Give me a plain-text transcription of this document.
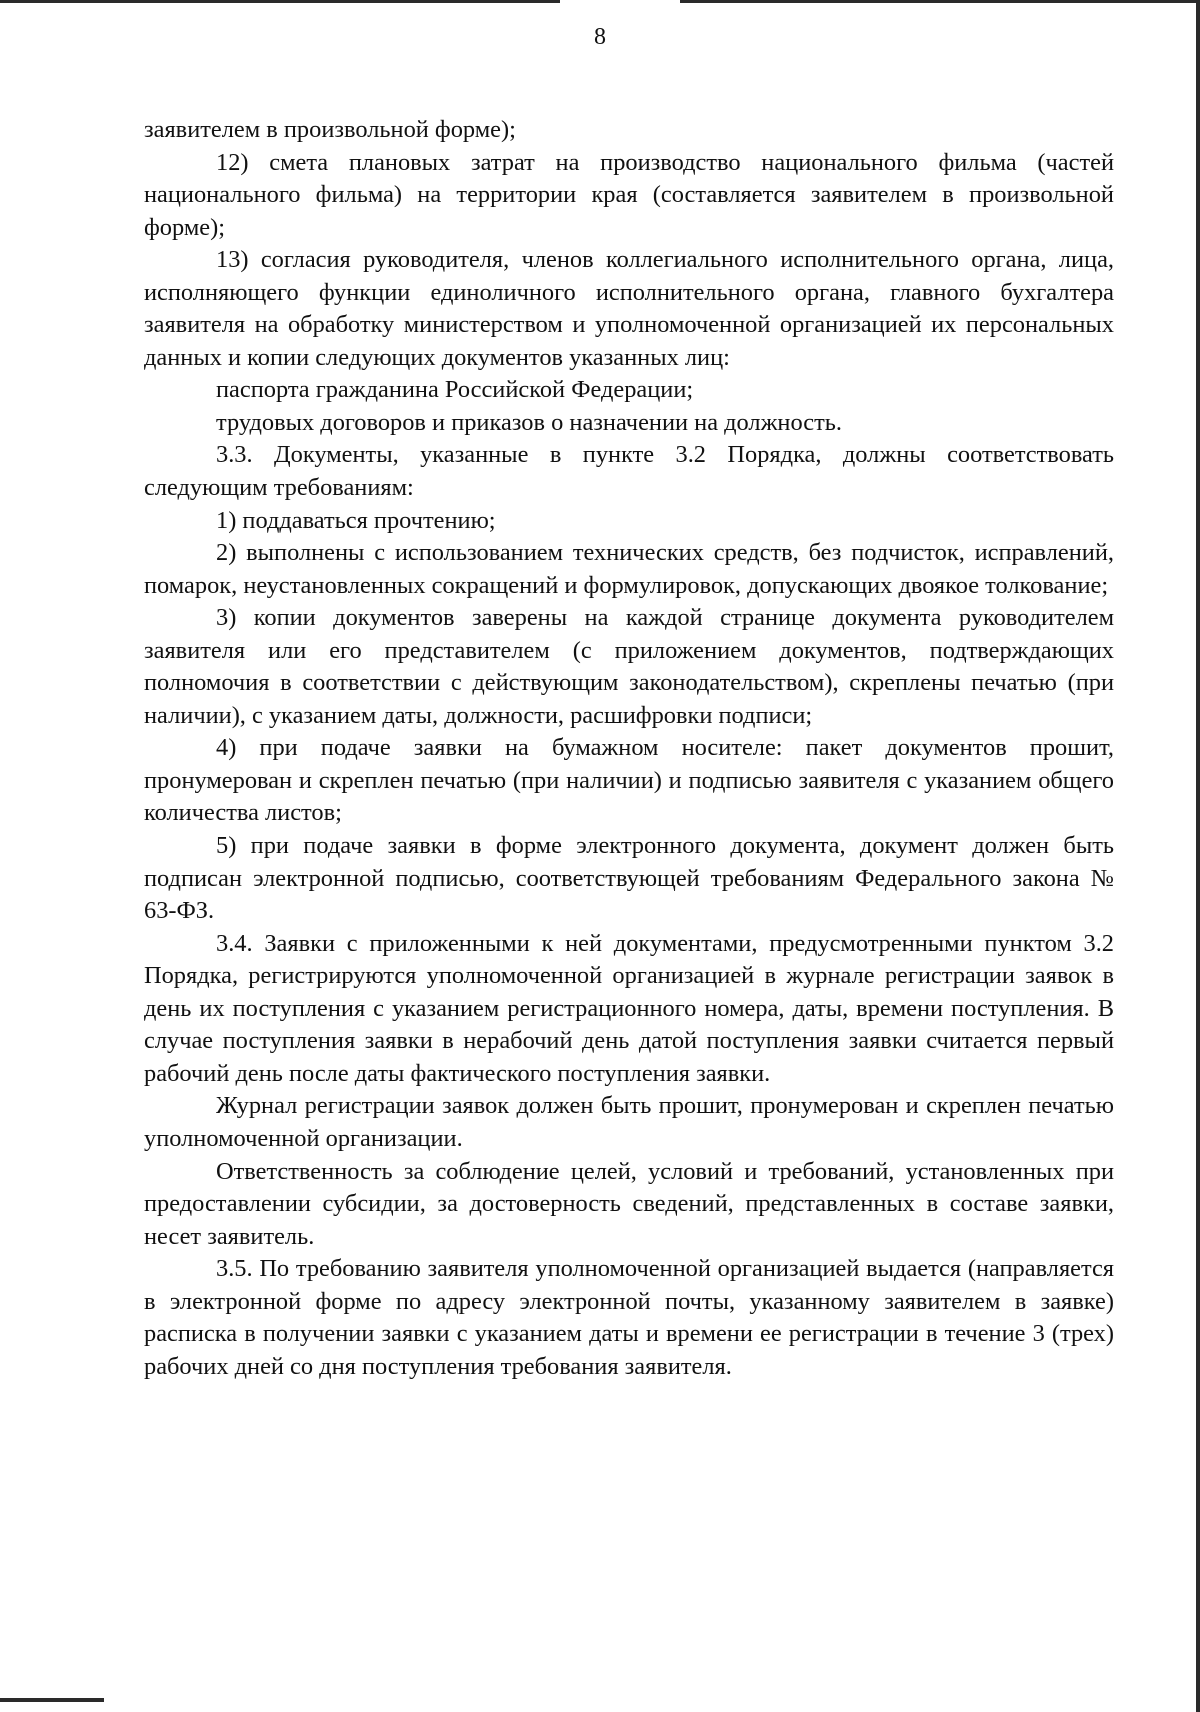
8

заявителем в произвольной форме);

12) смета плановых затрат на производство национального фильма (частей национального фильма) на территории края (составляется заявителем в произвольной форме);

13) согласия руководителя, членов коллегиального исполнительного органа, лица, исполняющего функции единоличного исполнительного органа, главного бухгалтера заявителя на обработку министерством и уполномоченной организацией их персональных данных и копии следующих документов указанных лиц:

паспорта гражданина Российской Федерации;

трудовых договоров и приказов о назначении на должность.

3.3. Документы, указанные в пункте 3.2 Порядка, должны соответствовать следующим требованиям:

1) поддаваться прочтению;

2) выполнены с использованием технических средств, без подчисток, исправлений, помарок, неустановленных сокращений и формулировок, допускающих двоякое толкование;

3) копии документов заверены на каждой странице документа руководителем заявителя или его представителем (с приложением документов, подтверждающих полномочия в соответствии с действующим законодательством), скреплены печатью (при наличии), с указанием даты, должности, расшифровки подписи;

4) при подаче заявки на бумажном носителе: пакет документов прошит, пронумерован и скреплен печатью (при наличии) и подписью заявителя с указанием общего количества листов;

5) при подаче заявки в форме электронного документа, документ должен быть подписан электронной подписью, соответствующей требованиям Федерального закона № 63-ФЗ.

3.4. Заявки с приложенными к ней документами, предусмотренными пунктом 3.2 Порядка, регистрируются уполномоченной организацией в журнале регистрации заявок в день их поступления с указанием регистрационного номера, даты, времени поступления. В случае поступления заявки в нерабочий день датой поступления заявки считается первый рабочий день после даты фактического поступления заявки.

Журнал регистрации заявок должен быть прошит, пронумерован и скреплен печатью уполномоченной организации.

Ответственность за соблюдение целей, условий и требований, установленных при предоставлении субсидии, за достоверность сведений, представленных в составе заявки, несет заявитель.

3.5. По требованию заявителя уполномоченной организацией выдается (направляется в электронной форме по адресу электронной почты, указанному заявителем в заявке) расписка в получении заявки с указанием даты и времени ее регистрации в течение 3 (трех) рабочих дней со дня поступления требования заявителя.
